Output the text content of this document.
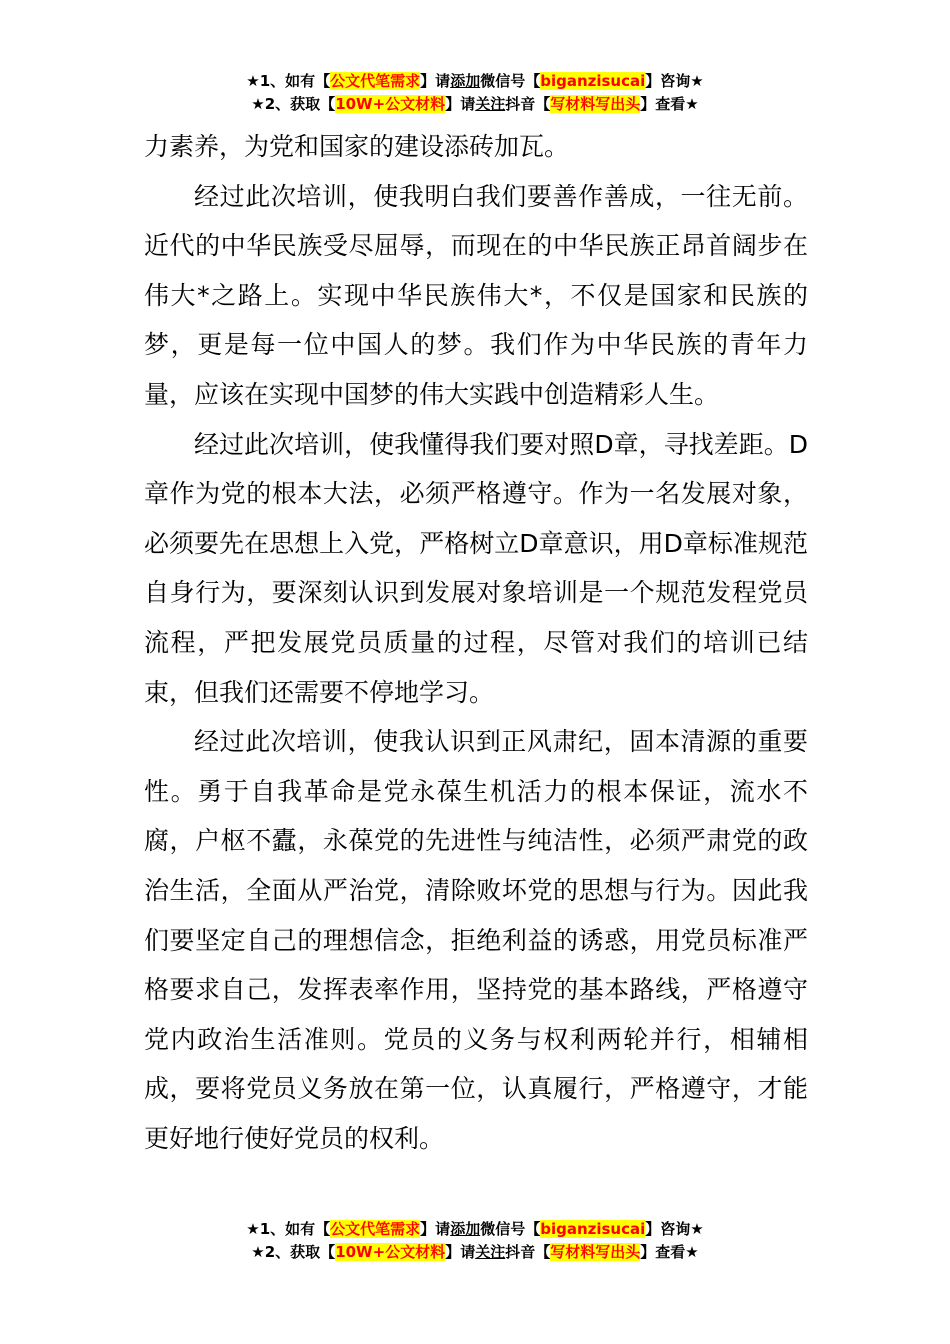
★1、如有【公文代笔需求】请添加微信号【biganzisucai】咨询★
★2、获取【10W+公文材料】请关注抖音【写材料写出头】查看★

力素养，为党和国家的建设添砖加瓦。

经过此次培训，使我明白我们要善作善成，一往无前。近代的中华民族受尽屈辱，而现在的中华民族正昂首阔步在伟大*之路上。实现中华民族伟大*，不仅是国家和民族的梦，更是每一位中国人的梦。我们作为中华民族的青年力量，应该在实现中国梦的伟大实践中创造精彩人生。

经过此次培训，使我懂得我们要对照D章，寻找差距。D章作为党的根本大法，必须严格遵守。作为一名发展对象，必须要先在思想上入党，严格树立D章意识，用D章标准规范自身行为，要深刻认识到发展对象培训是一个规范发程党员流程，严把发展党员质量的过程，尽管对我们的培训已结束，但我们还需要不停地学习。

经过此次培训，使我认识到正风肃纪，固本清源的重要性。勇于自我革命是党永葆生机活力的根本保证，流水不腐，户枢不蠹，永葆党的先进性与纯洁性，必须严肃党的政治生活，全面从严治党，清除败坏党的思想与行为。因此我们要坚定自己的理想信念，拒绝利益的诱惑，用党员标准严格要求自己，发挥表率作用，坚持党的基本路线，严格遵守党内政治生活准则。党员的义务与权利两轮并行，相辅相成，要将党员义务放在第一位，认真履行，严格遵守，才能更好地行使好党员的权利。

★1、如有【公文代笔需求】请添加微信号【biganzisucai】咨询★
★2、获取【10W+公文材料】请关注抖音【写材料写出头】查看★
